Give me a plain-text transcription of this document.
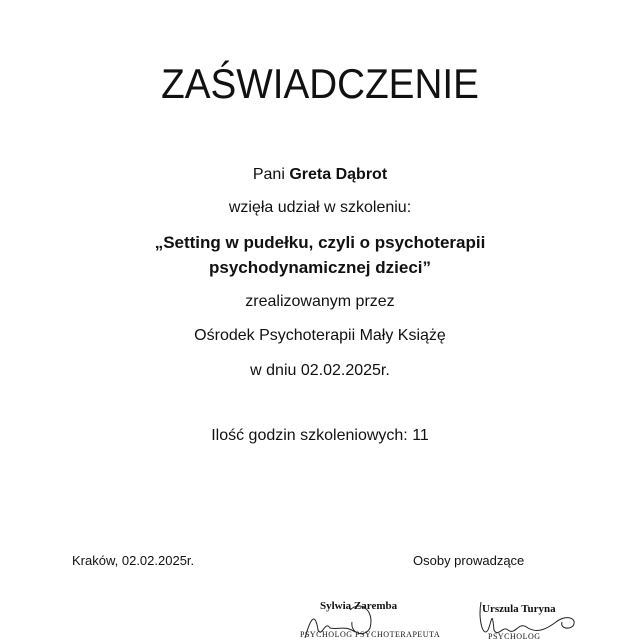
ZAŚWIADCZENIE
Pani Greta Dąbrot
wzięła udział w szkoleniu:
„Setting w pudełku, czyli o psychoterapii
psychodynamicznej dzieci”
zrealizowanym przez
Ośrodek Psychoterapii Mały Książę
w dniu 02.02.2025r.
Ilość godzin szkoleniowych: 11
Kraków, 02.02.2025r.	Osoby prowadzące
Sylwia Zaremba
PSYCHOLOG PSYCHOTERAPEUTA
Urszula Turyna
PSYCHOLOG
